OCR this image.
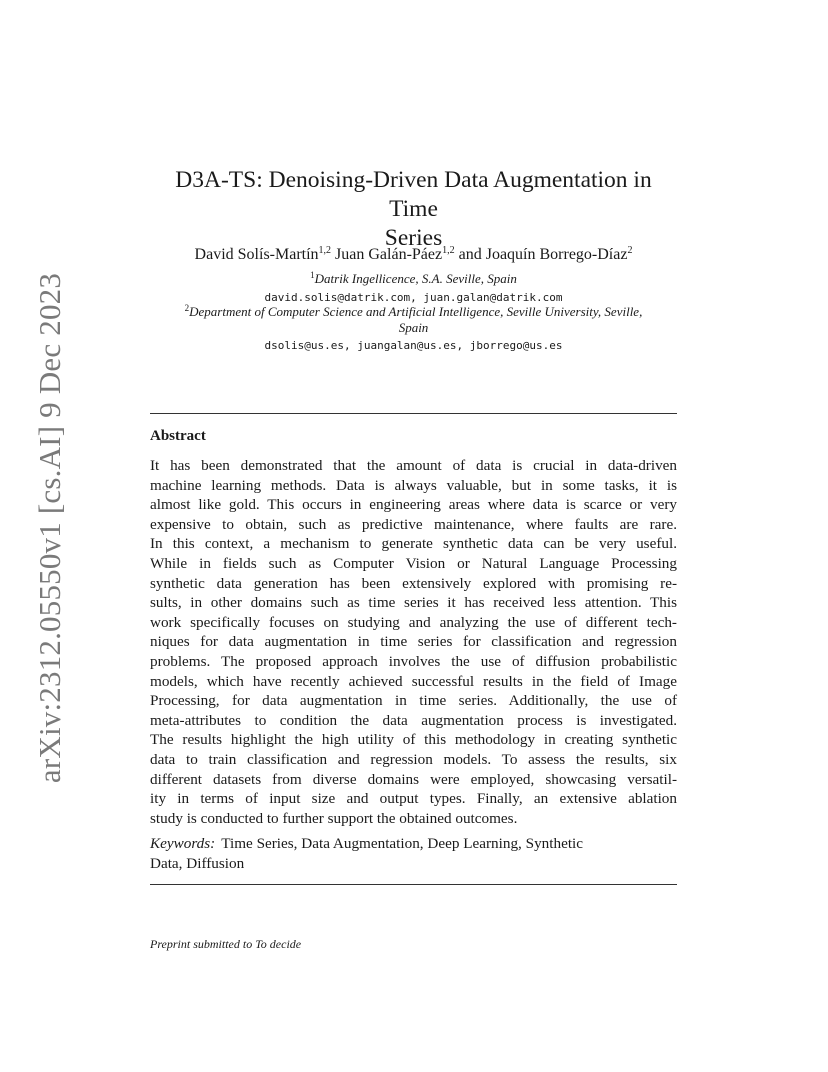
arXiv:2312.05550v1 [cs.AI] 9 Dec 2023
D3A-TS: Denoising-Driven Data Augmentation in Time
Series
David Solís-Martín$^{1,2}$ Juan Galán-Páez$^{1,2}$ and Joaquín Borrego-Díaz$^2$
$^1$Datrik Ingellicence, S.A. Seville, Spain
david.solis@datrik.com, juan.galan@datrik.com
$^2$Department of Computer Science and Artificial Intelligence, Seville University, Seville,
Spain
dsolis@us.es, juangalan@us.es, jborrego@us.es
Abstract
It has been demonstrated that the amount of data is crucial in data-driven
machine learning methods. Data is always valuable, but in some tasks, it is
almost like gold. This occurs in engineering areas where data is scarce or very
expensive to obtain, such as predictive maintenance, where faults are rare.
In this context, a mechanism to generate synthetic data can be very useful.
While in fields such as Computer Vision or Natural Language Processing
synthetic data generation has been extensively explored with promising re-
sults, in other domains such as time series it has received less attention. This
work specifically focuses on studying and analyzing the use of different tech-
niques for data augmentation in time series for classification and regression
problems. The proposed approach involves the use of diffusion probabilistic
models, which have recently achieved successful results in the field of Image
Processing, for data augmentation in time series. Additionally, the use of
meta-attributes to condition the data augmentation process is investigated.
The results highlight the high utility of this methodology in creating synthetic
data to train classification and regression models. To assess the results, six
different datasets from diverse domains were employed, showcasing versatil-
ity in terms of input size and output types. Finally, an extensive ablation
study is conducted to further support the obtained outcomes.
Keywords: Time Series, Data Augmentation, Deep Learning, Synthetic
Data, Diffusion
Preprint submitted to To decide
